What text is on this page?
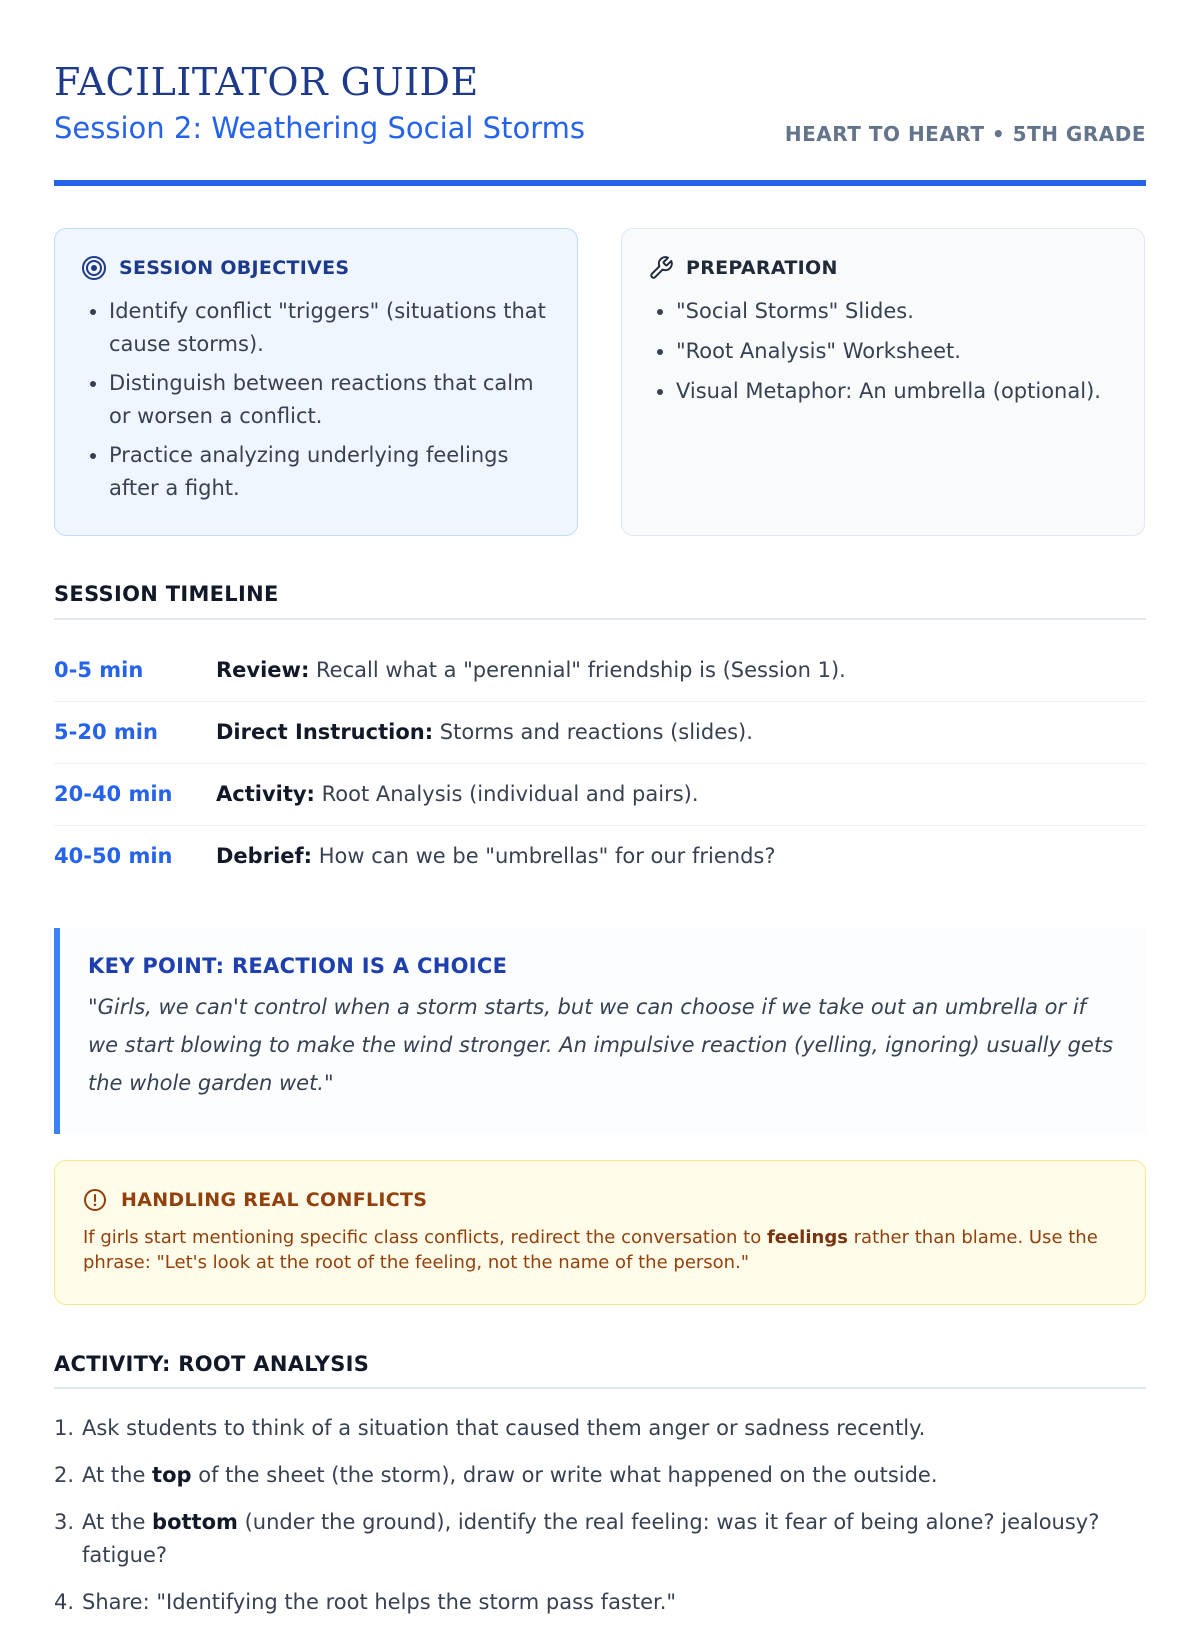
FACILITATOR GUIDE
Session 2: Weathering Social Storms	HEART TO HEART • 5TH GRADE
SESSION OBJECTIVES
• Identify conflict "triggers" (situations that cause storms).
• Distinguish between reactions that calm or worsen a conflict.
• Practice analyzing underlying feelings after a fight.
PREPARATION
• "Social Storms" Slides.
• "Root Analysis" Worksheet.
• Visual Metaphor: An umbrella (optional).
SESSION TIMELINE
0-5 min	Review: Recall what a "perennial" friendship is (Session 1).
5-20 min	Direct Instruction: Storms and reactions (slides).
20-40 min Activity: Root Analysis (individual and pairs).
40-50 min Debrief: How can we be "umbrellas" for our friends?
KEY POINT: REACTION IS A CHOICE
"Girls, we can't control when a storm starts, but we can choose if we take out an umbrella or if we start blowing to make the wind stronger. An impulsive reaction (yelling, ignoring) usually gets the whole garden wet."
HANDLING REAL CONFLICTS
If girls start mentioning specific class conflicts, redirect the conversation to feelings rather than blame. Use the phrase: "Let's look at the root of the feeling, not the name of the person."
ACTIVITY: ROOT ANALYSIS
1. Ask students to think of a situation that caused them anger or sadness recently.
2. At the top of the sheet (the storm), draw or write what happened on the outside.
3. At the bottom (under the ground), identify the real feeling: was it fear of being alone? jealousy? fatigue?
4. Share: "Identifying the root helps the storm pass faster."
